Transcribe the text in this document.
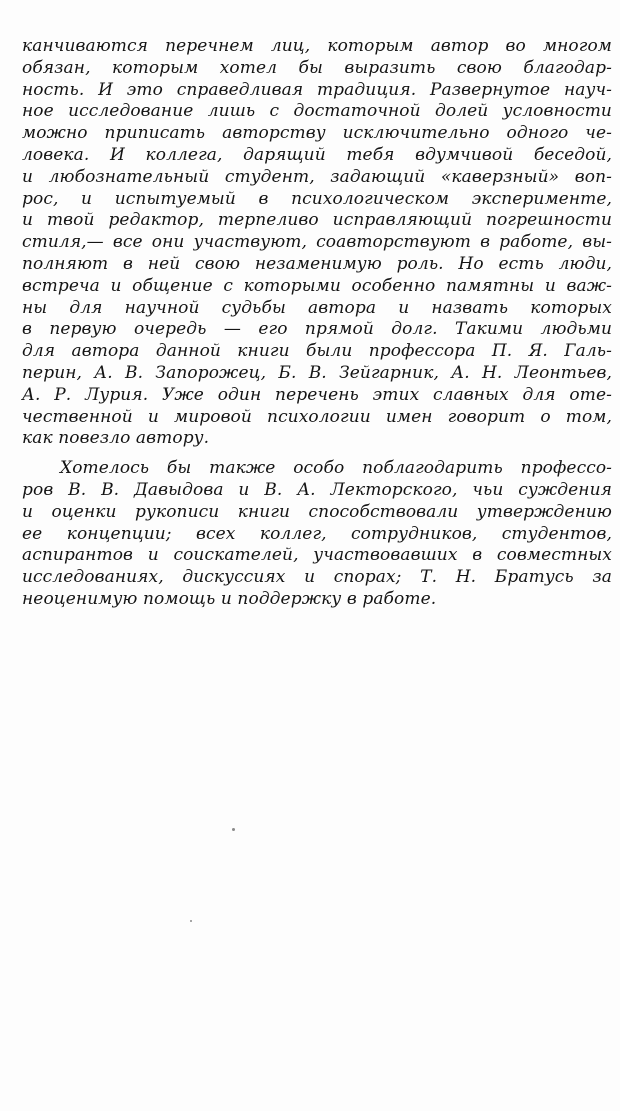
канчиваются перечнем лиц, которым автор во многом
обязан, которым хотел бы выразить свою благодар-
ность. И это справедливая традиция. Развернутое науч-
ное исследование лишь с достаточной долей условности
можно приписать авторству исключительно одного че-
ловека. И коллега, дарящий тебя вдумчивой беседой,
и любознательный студент, задающий «каверзный» воп-
рос, и испытуемый в психологическом эксперименте,
и твой редактор, терпеливо исправляющий погрешности
стиля,— все они участвуют, соавторствуют в работе, вы-
полняют в ней свою незаменимую роль. Но есть люди,
встреча и общение с которыми особенно памятны и важ-
ны для научной судьбы автора и назвать которых
в первую очередь — его прямой долг. Такими людьми
для автора данной книги были профессора П. Я. Галь-
перин, А. В. Запорожец, Б. В. Зейгарник, А. Н. Леонтьев,
А. Р. Лурия. Уже один перечень этих славных для оте-
чественной и мировой психологии имен говорит о том,
как повезло автору.
Хотелось бы также особо поблагодарить профессо-
ров В. В. Давыдова и В. А. Лекторского, чьи суждения
и оценки рукописи книги способствовали утверждению
ее концепции; всех коллег, сотрудников, студентов,
аспирантов и соискателей, участвовавших в совместных
исследованиях, дискуссиях и спорах; Т. Н. Братусь за
неоценимую помощь и поддержку в работе.
